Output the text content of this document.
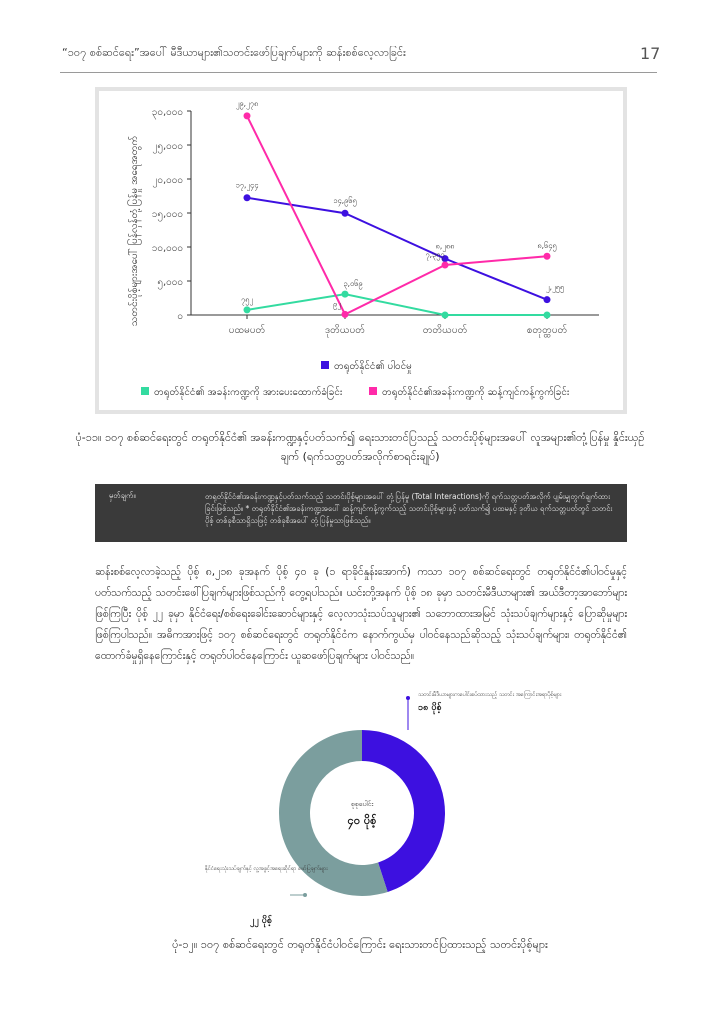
“၁၀၇ စစ်ဆင်ရေး”အပေါ် မီဒီယာများ၏သတင်းဖော်ပြချက်များကို ဆန်းစစ်လေ့လာခြင်း	17
၀
၅,၀၀၀
၁၀,၀၀၀
၁၅,၀၀၀
၂၀,၀၀၀
၂၅,၀၀၀
၃၀,၀၀၀
ပထမပတ်	ဒုတိယပတ်	တတိယပတ်	စတုတ္ထပတ်
သတင်းပိုစ့်များအပေါ် ပြန်လှန်တုံ့ပြန်မှု အရေအတွက်	၁၇,၂၄၄
၁၄,၉၆၅
၈,၂၈၈
၂,၂၅၅
၇၅၂
၃,၀၆၉
၂၉,၂၇၈
၉၂
၇,၃၅၇
၈,၆၄၅
တရုတ်နိုင်ငံ၏ ပါဝင်မှု
တရုတ်နိုင်ငံ၏ အခန်းကဏ္ဍကို အားပေးထောက်ခံခြင်း	တရုတ်နိုင်ငံ၏အခန်းကဏ္ဍကို ဆန့်ကျင်ကန့်ကွက်ခြင်း
ပုံ-၁၁။ ၁၀၇ စစ်ဆင်ရေးတွင် တရုတ်နိုင်ငံ၏ အခန်းကဏ္ဍနှင့်ပတ်သက်၍ ရေးသားတင်ပြသည့် သတင်းပိုစ့်များအပေါ် လူအများ၏တုံ့ပြန်မှု နှိုင်းယှဉ်ချက် (ရက်သတ္တပတ်အလိုက်စာရင်းချုပ်)
မှတ်ချက်။	တရုတ်နိုင်ငံ၏အခန်းကဏ္ဍနှင့်ပတ်သက်သည့် သတင်းပိုစ့်များအပေါ် တုံ့ပြန်မှု (Total Interactions)ကို ရက်သတ္တပတ်အလိုက် ပျမ်းမျှတွက်ချက်ထားခြင်းဖြစ်သည်။ * တရုတ်နိုင်ငံ၏အခန်းကဏ္ဍအပေါ် ဆန့်ကျင်ကန့်ကွက်သည့် သတင်းပိုစ့်များနှင့် ပတ်သက်၍ ပထမနှင့် ဒုတိယ ရက်သတ္တပတ်တွင် သတင်းပိုစ့် တစ်ခုစီသာရှိသဖြင့် တစ်ခုစီအပေါ် တုံ့ပြန်မှုသာဖြစ်သည်။
ဆန်းစစ်လေ့လာခဲ့သည့် ပိုစ့် ၈,၂၁၈ ခုအနက် ပိုစ့် ၄၀ ခု (၁ ရာခိုင်နှုန်းအောက်) ကသာ ၁၀၇ စစ်ဆင်ရေးတွင် တရုတ်နိုင်ငံ၏ပါဝင်မှုနှင့် ပတ်သက်သည့် သတင်းဖေါ်ပြချက်များဖြစ်သည်ကို တွေ့ရပါသည်။ ယင်းတို့အနက် ပိုစ့် ၁၈ ခုမှာ သတင်းမီဒီယာများ၏ အယ်ဒီတာ့အာဘော်များဖြစ်ကြပြီး ပိုစ့် ၂၂ ခုမှာ နိုင်ငံရေး/စစ်ရေးခေါင်းဆောင်များနှင့် လေ့လာသုံးသပ်သူများ၏ သဘောထားအမြင် သုံးသပ်ချက်များနှင့် ပြောဆိုမှုများ ဖြစ်ကြပါသည်။ အဓိကအားဖြင့် ၁၀၇ စစ်ဆင်ရေးတွင် တရုတ်နိုင်ငံက နောက်ကွယ်မှ ပါဝင်နေသည်ဆိုသည့် သုံးသပ်ချက်များ၊ တရုတ်နိုင်ငံ၏ ထောက်ခံမှုရှိနေကြောင်းနှင့် တရုတ်ပါဝင်နေကြောင်း ယူဆဖော်ပြချက်များ ပါဝင်သည်။
စုစုပေါင်း
၄၀ ပိုစ့်
သတင်းမီဒီယာများကပေါင်းစပ်ထားသည့် သတင်း အကြောင်းအရာပိုစ့်များ
၁၈ ပိုစ့်
နိုင်ငံရေးသုံးသပ်ချက်နှင့် လူ့အခွင့်အရေးဆိုင်ရာ ဖော်ပြချက်များ
၂၂ ပိုစ့်
ပုံ-၁၂။ ၁၀၇ စစ်ဆင်ရေးတွင် တရုတ်နိုင်ငံပါဝင်ကြောင်း ရေးသားတင်ပြထားသည့် သတင်းပိုစ့်များ
